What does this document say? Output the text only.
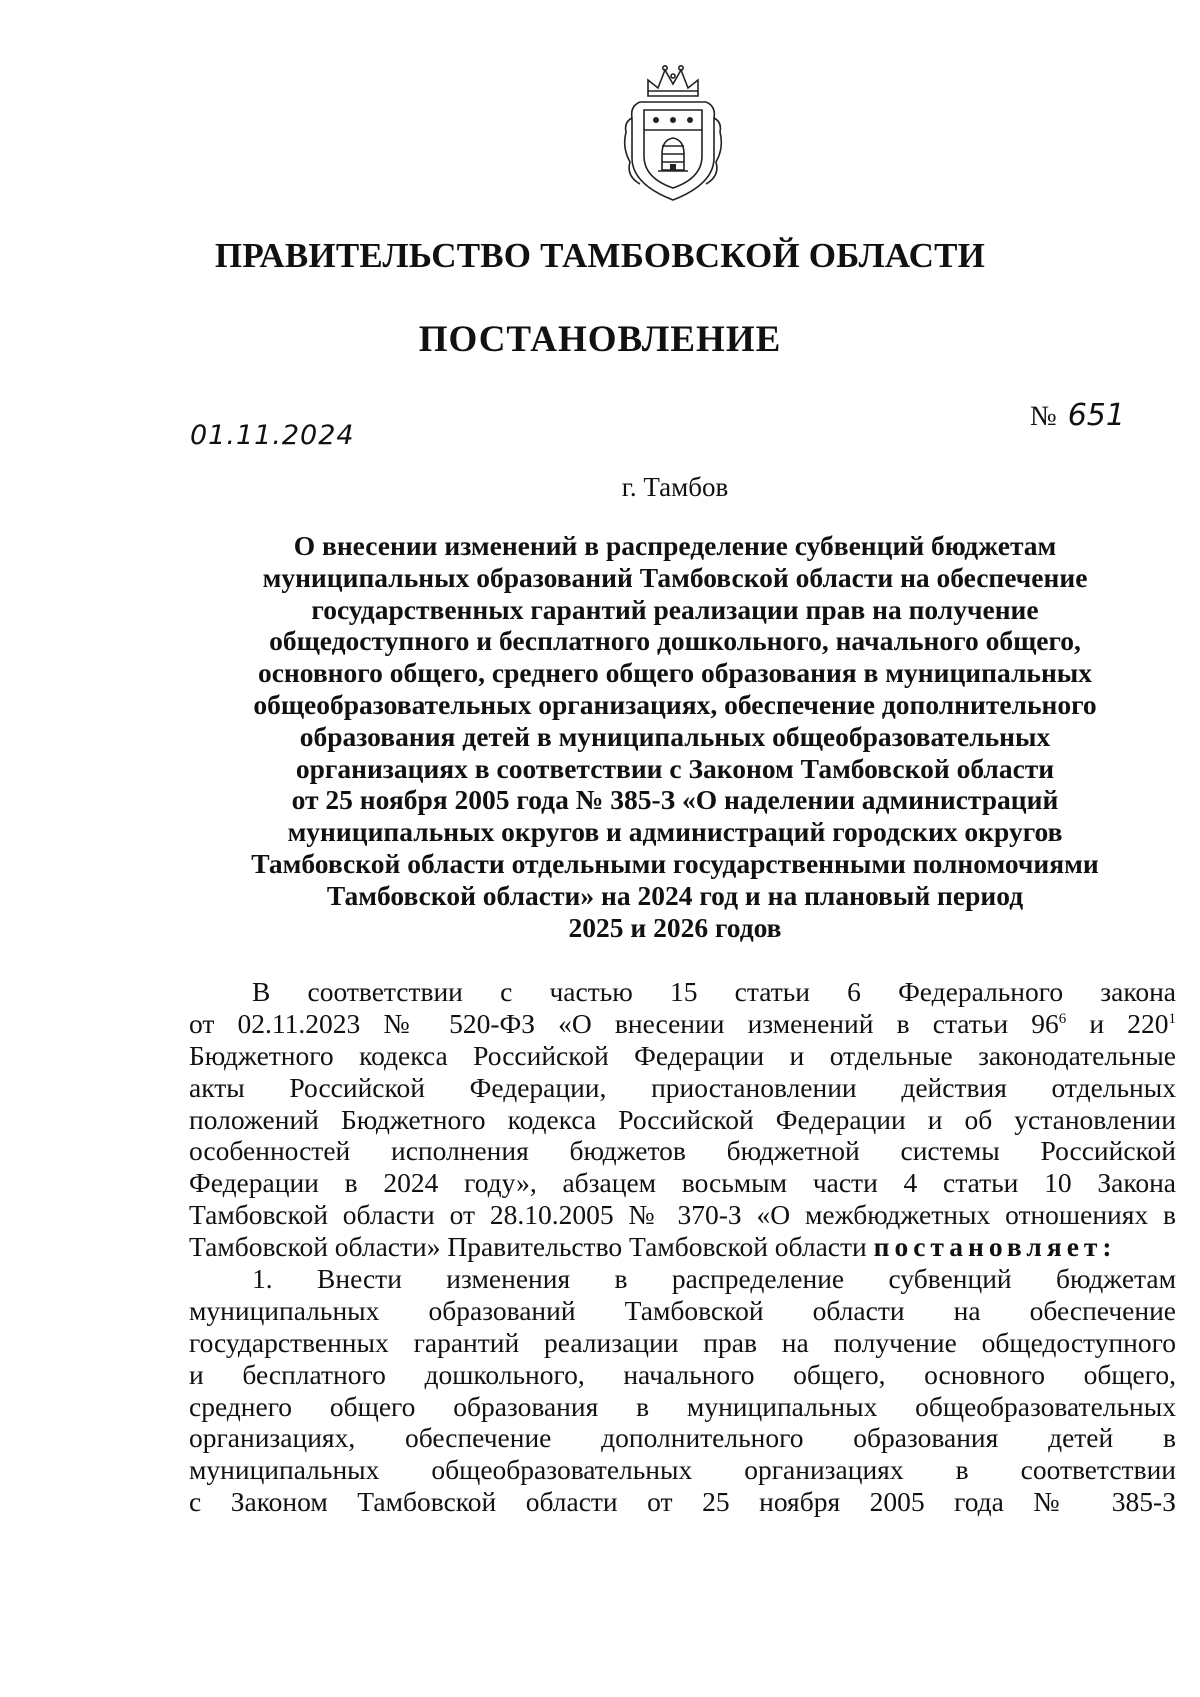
ПРАВИТЕЛЬСТВО ТАМБОВСКОЙ ОБЛАСТИ
ПОСТАНОВЛЕНИЕ
01.11.2024
№ 651
г. Тамбов
О внесении изменений в распределение субвенций бюджетам
муниципальных образований Тамбовской области на обеспечение
государственных гарантий реализации прав на получение
общедоступного и бесплатного дошкольного, начального общего,
основного общего, среднего общего образования в муниципальных
общеобразовательных организациях, обеспечение дополнительного
образования детей в муниципальных общеобразовательных
организациях в соответствии с Законом Тамбовской области
от 25 ноября 2005 года № 385-З «О наделении администраций
муниципальных округов и администраций городских округов
Тамбовской области отдельными государственными полномочиями
Тамбовской области» на 2024 год и на плановый период
2025 и 2026 годов
В соответствии с частью 15 статьи 6 Федерального закона
от 02.11.2023 № 520-ФЗ «О внесении изменений в статьи $96^6$ и $220^1$
Бюджетного кодекса Российской Федерации и отдельные законодательные
акты Российской Федерации, приостановлении действия отдельных
положений Бюджетного кодекса Российской Федерации и об установлении
особенностей исполнения бюджетов бюджетной системы Российской
Федерации в 2024 году», абзацем восьмым части 4 статьи 10 Закона
Тамбовской области от 28.10.2005 № 370-З «О межбюджетных отношениях в
Тамбовской области» Правительство Тамбовской области постановляет:
1. Внести изменения в распределение субвенций бюджетам
муниципальных образований Тамбовской области на обеспечение
государственных гарантий реализации прав на получение общедоступного
и бесплатного дошкольного, начального общего, основного общего,
среднего общего образования в муниципальных общеобразовательных
организациях, обеспечение дополнительного образования детей в
муниципальных общеобразовательных организациях в соответствии
с Законом Тамбовской области от 25 ноября 2005 года № 385-З
